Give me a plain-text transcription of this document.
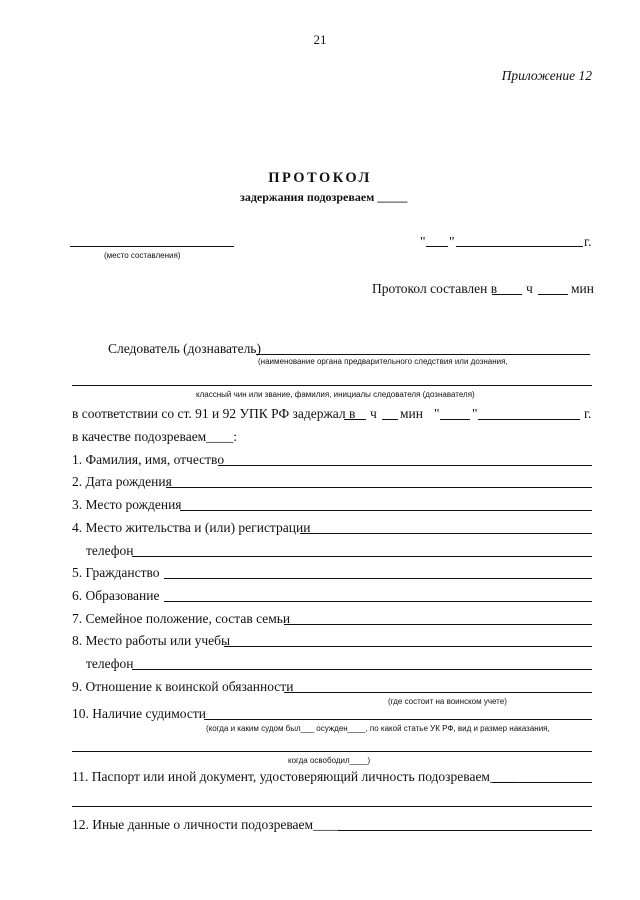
21
Приложение 12
ПРОТОКОЛ
задержания подозреваем _____
(место составления)
" "	г.
Протокол составлен в ч	мин
Следователь (дознаватель)
(наименование органа предварительного следствия или дознания,
классный чин или звание, фамилия, инициалы следователя (дознавателя)
в соответствии со ст. 91 и 92 УПК РФ задержал в ч мин " "	г.
в качестве подозреваем____:
1. Фамилия, имя, отчество
2. Дата рождения
3. Место рождения
4. Место жительства и (или) регистрации
телефон
5. Гражданство
6. Образование
7. Семейное положение, состав семьи
8. Место работы или учебы
телефон
9. Отношение к воинской обязанности
(где состоит на воинском учете)
10. Наличие судимости
(когда и каким судом был___ осужден____, по какой статье УК РФ, вид и размер наказания,
когда освободил____)
11. Паспорт или иной документ, удостоверяющий личность подозреваем____
12. Иные данные о личности подозреваем____
